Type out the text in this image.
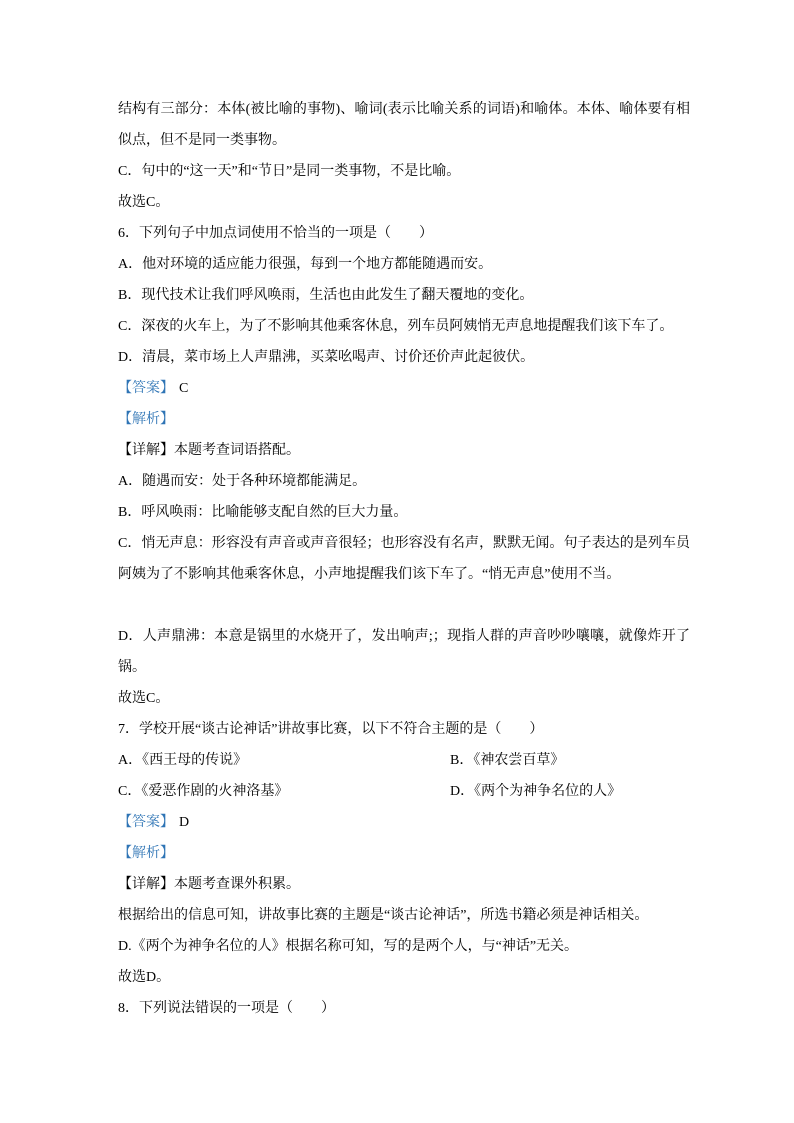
结构有三部分：本体(被比喻的事物)、喻词(表示比喻关系的词语)和喻体。本体、喻体要有相似点，但不是同一类事物。

C．句中的“这一天”和“节日”是同一类事物，不是比喻。

故选C。

6．下列句子中加点词使用不恰当的一项是（　　）

A．他对环境的适应能力很强，每到一个地方都能随遇而安。

B．现代技术让我们呼风唤雨，生活也由此发生了翻天覆地的变化。

C．深夜的火车上，为了不影响其他乘客休息，列车员阿姨悄无声息地提醒我们该下车了。

D．清晨，菜市场上人声鼎沸，买菜吆喝声、讨价还价声此起彼伏。

【答案】 C

【解析】

【详解】本题考查词语搭配。

A．随遇而安：处于各种环境都能满足。

B．呼风唤雨：比喻能够支配自然的巨大力量。

C．悄无声息：形容没有声音或声音很轻；也形容没有名声，默默无闻。句子表达的是列车员阿姨为了不影响其他乘客休息，小声地提醒我们该下车了。“悄无声息”使用不当。

D．人声鼎沸：本意是锅里的水烧开了，发出响声;；现指人群的声音吵吵嚷嚷，就像炸开了锅。

故选C。

7．学校开展“谈古论神话”讲故事比赛，以下不符合主题的是（　　）

A．《西王母的传说》	B．《神农尝百草》
C．《爱恶作剧的火神洛基》	D．《两个为神争名位的人》

【答案】 D

【解析】

【详解】本题考查课外积累。

根据给出的信息可知，讲故事比赛的主题是“谈古论神话”，所选书籍必须是神话相关。

D.《两个为神争名位的人》根据名称可知，写的是两个人，与“神话”无关。

故选D。

8．下列说法错误的一项是（　　）
